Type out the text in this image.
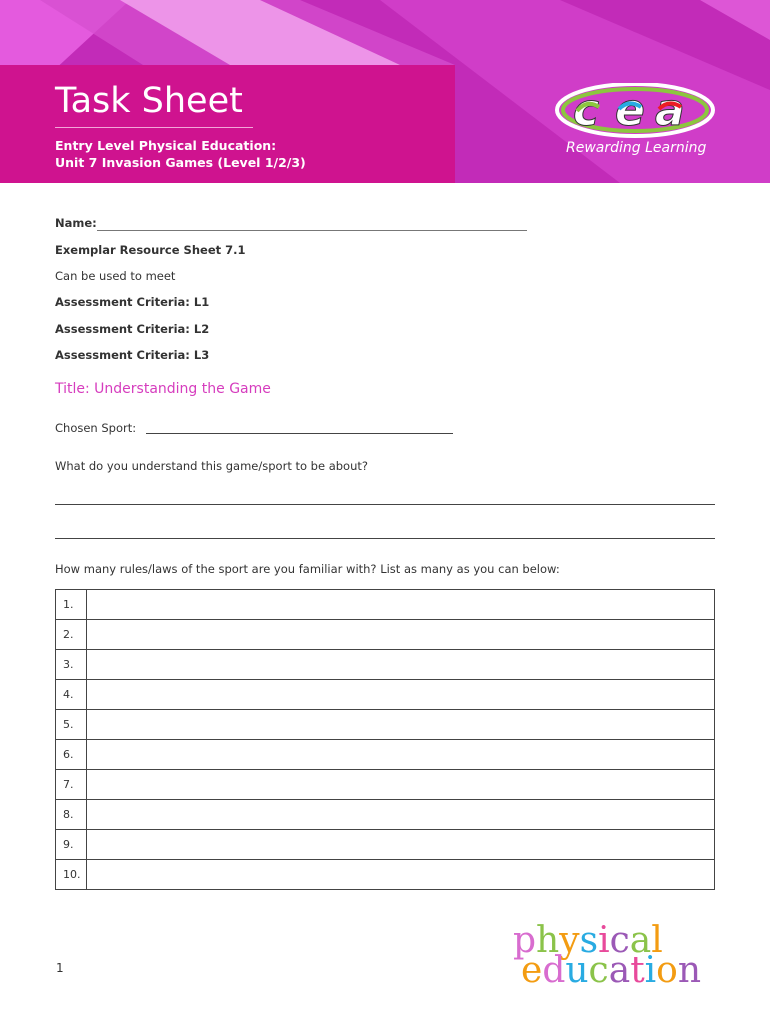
Task Sheet
Entry Level Physical Education:
Unit 7 Invasion Games (Level 1/2/3)
c e a
Rewarding Learning
Name:
Exemplar Resource Sheet 7.1
Can be used to meet
Assessment Criteria: L1
Assessment Criteria: L2
Assessment Criteria: L3
Title: Understanding the Game
Chosen Sport:
What do you understand this game/sport to be about?
How many rules/laws of the sport are you familiar with? List as many as you can below:
1.	
2.	
3.	
4.	
5.	
6.	
7.	
8.	
9.	
10.	
1
physical
education
